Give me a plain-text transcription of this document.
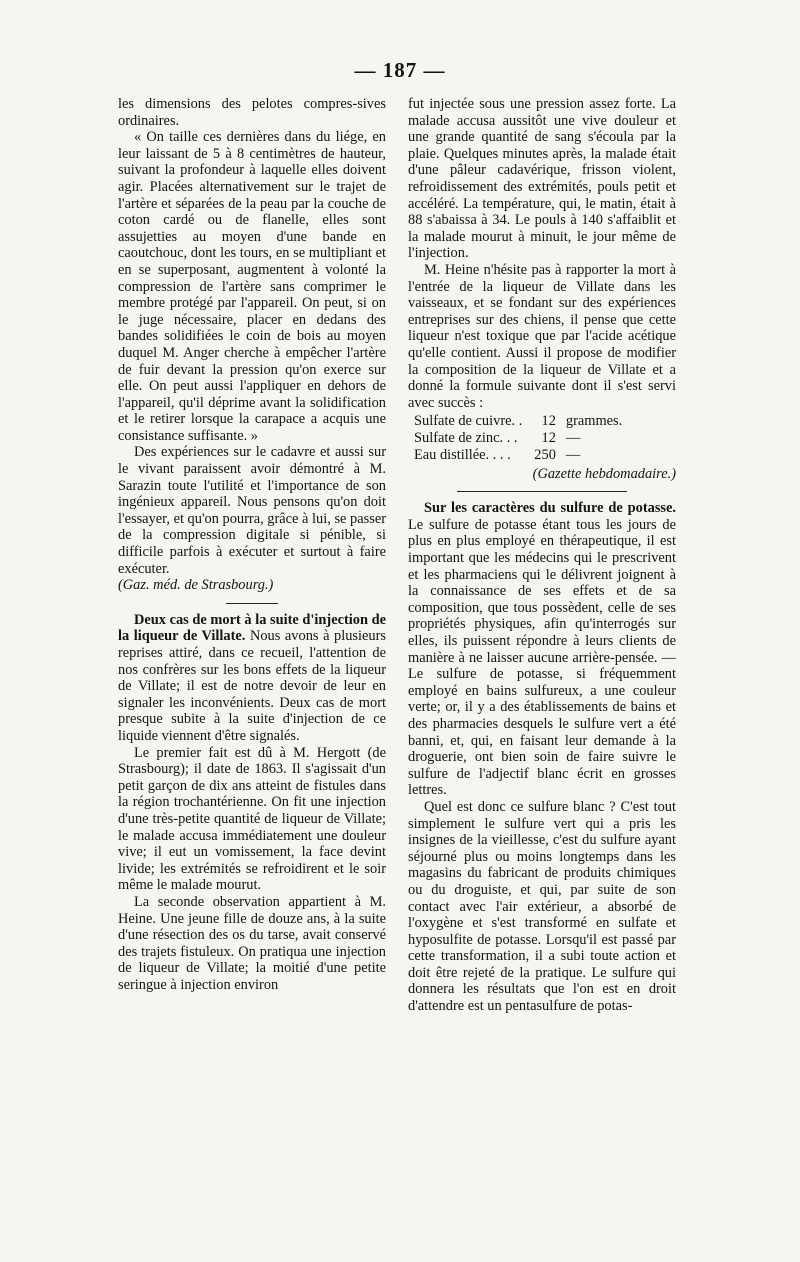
— 187 —

les dimensions des pelotes compres-sives ordinaires.

« On taille ces dernières dans du liége, en leur laissant de 5 à 8 centimètres de hauteur, suivant la profondeur à laquelle elles doivent agir. Placées alternativement sur le trajet de l'artère et séparées de la peau par la couche de coton cardé ou de flanelle, elles sont assujetties au moyen d'une bande en caoutchouc, dont les tours, en se multipliant et en se superposant, augmentent à volonté la compression de l'artère sans comprimer le membre protégé par l'appareil. On peut, si on le juge nécessaire, placer en dedans des bandes solidifiées le coin de bois au moyen duquel M. Anger cherche à empêcher l'artère de fuir devant la pression qu'on exerce sur elle. On peut aussi l'appliquer en dehors de l'appareil, qu'il déprime avant la solidification et le retirer lorsque la carapace a acquis une consistance suffisante. »

Des expériences sur le cadavre et aussi sur le vivant paraissent avoir démontré à M. Sarazin toute l'utilité et l'importance de son ingénieux appareil. Nous pensons qu'on doit l'essayer, et qu'on pourra, grâce à lui, se passer de la compression digitale si pénible, si difficile parfois à exécuter et surtout à faire exécuter.

(Gaz. méd. de Strasbourg.)

Deux cas de mort à la suite d'injection de la liqueur de Villate. Nous avons à plusieurs reprises attiré, dans ce recueil, l'attention de nos confrères sur les bons effets de la liqueur de Villate; il est de notre devoir de leur en signaler les inconvénients. Deux cas de mort presque subite à la suite d'injection de ce liquide viennent d'être signalés.

Le premier fait est dû à M. Hergott (de Strasbourg); il date de 1863. Il s'agissait d'un petit garçon de dix ans atteint de fistules dans la région trochantérienne. On fit une injection d'une très-petite quantité de liqueur de Villate; le malade accusa immédiatement une douleur vive; il eut un vomissement, la face devint livide; les extrémités se refroidirent et le soir même le malade mourut.

La seconde observation appartient à M. Heine. Une jeune fille de douze ans, à la suite d'une résection des os du tarse, avait conservé des trajets fistuleux. On pratiqua une injection de liqueur de Villate; la moitié d'une petite seringue à injection environ

fut injectée sous une pression assez forte. La malade accusa aussitôt une vive douleur et une grande quantité de sang s'écoula par la plaie. Quelques minutes après, la malade était d'une pâleur cadavérique, frisson violent, refroidissement des extrémités, pouls petit et accéléré. La température, qui, le matin, était à 88 s'abaissa à 34. Le pouls à 140 s'affaiblit et la malade mourut à minuit, le jour même de l'injection.

M. Heine n'hésite pas à rapporter la mort à l'entrée de la liqueur de Villate dans les vaisseaux, et se fondant sur des expériences entreprises sur des chiens, il pense que cette liqueur n'est toxique que par l'acide acétique qu'elle contient. Aussi il propose de modifier la composition de la liqueur de Villate et a donné la formule suivante dont il s'est servi avec succès :

Sulfate de cuivre. .	12	grammes.
Sulfate de zinc. . .	12	—
Eau distillée. . . .	250	—

(Gazette hebdomadaire.)

Sur les caractères du sulfure de potasse. Le sulfure de potasse étant tous les jours de plus en plus employé en thérapeutique, il est important que les médecins qui le prescrivent et les pharmaciens qui le délivrent joignent à la connaissance de ses effets et de sa composition, que tous possèdent, celle de ses propriétés physiques, afin qu'interrogés sur elles, ils puissent répondre à leurs clients de manière à ne laisser aucune arrière-pensée. — Le sulfure de potasse, si fréquemment employé en bains sulfureux, a une couleur verte; or, il y a des établissements de bains et des pharmacies desquels le sulfure vert a été banni, et, qui, en faisant leur demande à la droguerie, ont bien soin de faire suivre le sulfure de l'adjectif blanc écrit en grosses lettres.

Quel est donc ce sulfure blanc ? C'est tout simplement le sulfure vert qui a pris les insignes de la vieillesse, c'est du sulfure ayant séjourné plus ou moins longtemps dans les magasins du fabricant de produits chimiques ou du droguiste, et qui, par suite de son contact avec l'air extérieur, a absorbé de l'oxygène et s'est transformé en sulfate et hyposulfite de potasse. Lorsqu'il est passé par cette transformation, il a subi toute action et doit être rejeté de la pratique. Le sulfure qui donnera les résultats que l'on est en droit d'attendre est un pentasulfure de potas-
